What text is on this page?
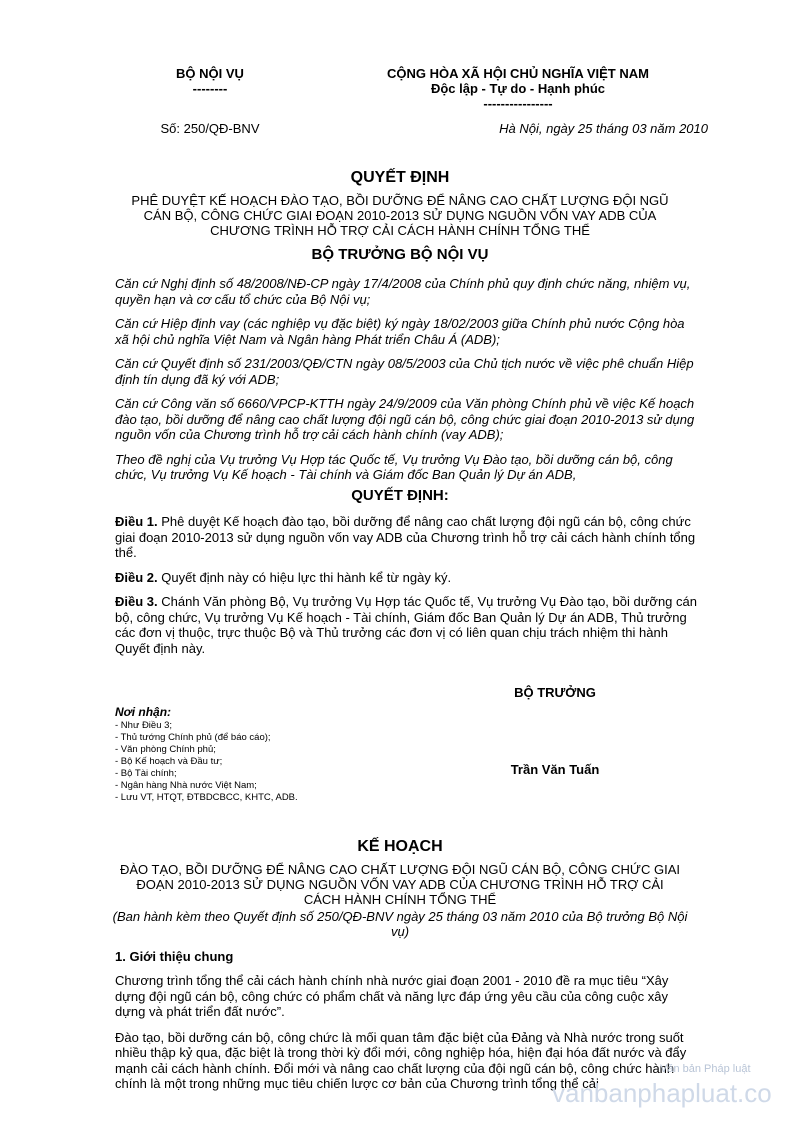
BỘ NỘI VỤ
--------
CỘNG HÒA XÃ HỘI CHỦ NGHĨA VIỆT NAM
Độc lập - Tự do - Hạnh phúc
----------------
Số: 250/QĐ-BNV	Hà Nội, ngày 25 tháng 03 năm 2010
QUYẾT ĐỊNH
PHÊ DUYỆT KẾ HOẠCH ĐÀO TẠO, BỒI DƯỠNG ĐỂ NÂNG CAO CHẤT LƯỢNG ĐỘI NGŨ
CÁN BỘ, CÔNG CHỨC GIAI ĐOẠN 2010-2013 SỬ DỤNG NGUỒN VỐN VAY ADB CỦA
CHƯƠNG TRÌNH HỖ TRỢ CẢI CÁCH HÀNH CHÍNH TỔNG THỂ
BỘ TRƯỞNG BỘ NỘI VỤ

Căn cứ Nghị định số 48/2008/NĐ-CP ngày 17/4/2008 của Chính phủ quy định chức năng, nhiệm vụ, quyền hạn và cơ cấu tổ chức của Bộ Nội vụ;

Căn cứ Hiệp định vay (các nghiệp vụ đặc biệt) ký ngày 18/02/2003 giữa Chính phủ nước Cộng hòa xã hội chủ nghĩa Việt Nam và Ngân hàng Phát triển Châu Á (ADB);

Căn cứ Quyết định số 231/2003/QĐ/CTN ngày 08/5/2003 của Chủ tịch nước về việc phê chuẩn Hiệp định tín dụng đã ký với ADB;

Căn cứ Công văn số 6660/VPCP-KTTH ngày 24/9/2009 của Văn phòng Chính phủ về việc Kế hoạch đào tạo, bồi dưỡng để nâng cao chất lượng đội ngũ cán bộ, công chức giai đoạn 2010-2013 sử dụng nguồn vốn của Chương trình hỗ trợ cải cách hành chính (vay ADB);

Theo đề nghị của Vụ trưởng Vụ Hợp tác Quốc tế, Vụ trưởng Vụ Đào tạo, bồi dưỡng cán bộ, công chức, Vụ trưởng Vụ Kế hoạch - Tài chính và Giám đốc Ban Quản lý Dự án ADB,

QUYẾT ĐỊNH:

Điều 1. Phê duyệt Kế hoạch đào tạo, bồi dưỡng để nâng cao chất lượng đội ngũ cán bộ, công chức giai đoạn 2010-2013 sử dụng nguồn vốn vay ADB của Chương trình hỗ trợ cải cách hành chính tổng thể.

Điều 2. Quyết định này có hiệu lực thi hành kể từ ngày ký.

Điều 3. Chánh Văn phòng Bộ, Vụ trưởng Vụ Hợp tác Quốc tế, Vụ trưởng Vụ Đào tạo, bồi dưỡng cán bộ, công chức, Vụ trưởng Vụ Kế hoạch - Tài chính, Giám đốc Ban Quản lý Dự án ADB, Thủ trưởng các đơn vị thuộc, trực thuộc Bộ và Thủ trưởng các đơn vị có liên quan chịu trách nhiệm thi hành Quyết định này.

Nơi nhận:
- Như Điều 3;
- Thủ tướng Chính phủ (để báo cáo);
- Văn phòng Chính phủ;
- Bộ Kế hoạch và Đầu tư;
- Bộ Tài chính;
- Ngân hàng Nhà nước Việt Nam;
- Lưu VT, HTQT, ĐTBDCBCC, KHTC, ADB.
BỘ TRƯỞNG
Trần Văn Tuấn
KẾ HOẠCH
ĐÀO TẠO, BỒI DƯỠNG ĐỂ NÂNG CAO CHẤT LƯỢNG ĐỘI NGŨ CÁN BỘ, CÔNG CHỨC GIAI
ĐOẠN 2010-2013 SỬ DỤNG NGUỒN VỐN VAY ADB CỦA CHƯƠNG TRÌNH HỖ TRỢ CẢI
CÁCH HÀNH CHÍNH TỔNG THỂ
(Ban hành kèm theo Quyết định số 250/QĐ-BNV ngày 25 tháng 03 năm 2010 của Bộ trưởng Bộ Nội vụ)
1. Giới thiệu chung

Chương trình tổng thể cải cách hành chính nhà nước giai đoạn 2001 - 2010 đề ra mục tiêu “Xây dựng đội ngũ cán bộ, công chức có phẩm chất và năng lực đáp ứng yêu cầu của công cuộc xây dựng và phát triển đất nước”.

Đào tạo, bồi dưỡng cán bộ, công chức là mối quan tâm đặc biệt của Đảng và Nhà nước trong suốt nhiều thập kỷ qua, đặc biệt là trong thời kỳ đổi mới, công nghiệp hóa, hiện đại hóa đất nước và đẩy mạnh cải cách hành chính. Đổi mới và nâng cao chất lượng của đội ngũ cán bộ, công chức hành chính là một trong những mục tiêu chiến lược cơ bản của Chương trình tổng thể cải

Văn bản Pháp luật
vanbanphapluat.co
